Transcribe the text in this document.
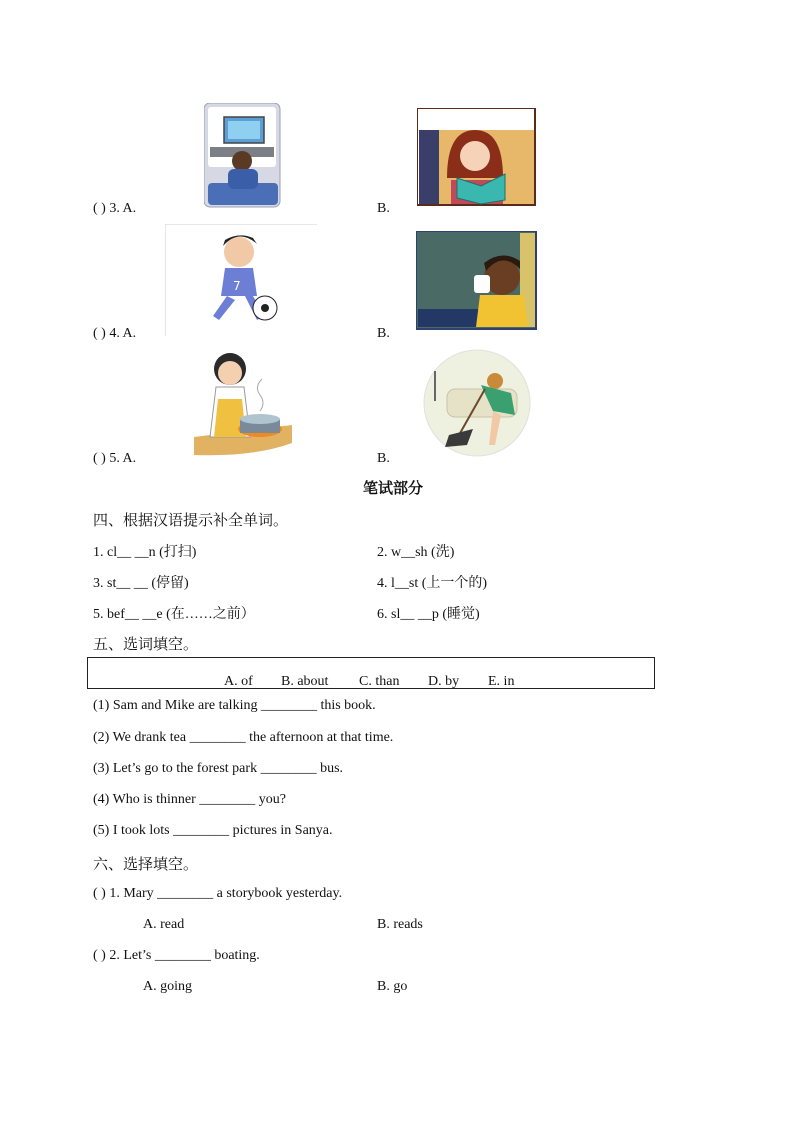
( ) 3. A.	B.
( ) 4. A.	B.
7
( ) 5. A.	B.
笔试部分
四、根据汉语提示补全单词。
1. cl__ __n (打扫)	2. w__sh (洗)
3. st__ __ (停留)	4. l__st (上一个的)
5. bef__ __e (在……之前）	6. sl__ __p (睡觉)
五、选词填空。
A. of B. about C. than D. by E. in
(1) Sam and Mike are talking ________ this book.
(2) We drank tea ________ the afternoon at that time.
(3) Let’s go to the forest park ________ bus.
(4) Who is thinner ________ you?
(5) I took lots ________ pictures in Sanya.
六、选择填空。
( ) 1. Mary ________ a storybook yesterday.
A. read	B. reads
( ) 2. Let’s ________ boating.
A. going	B. go
